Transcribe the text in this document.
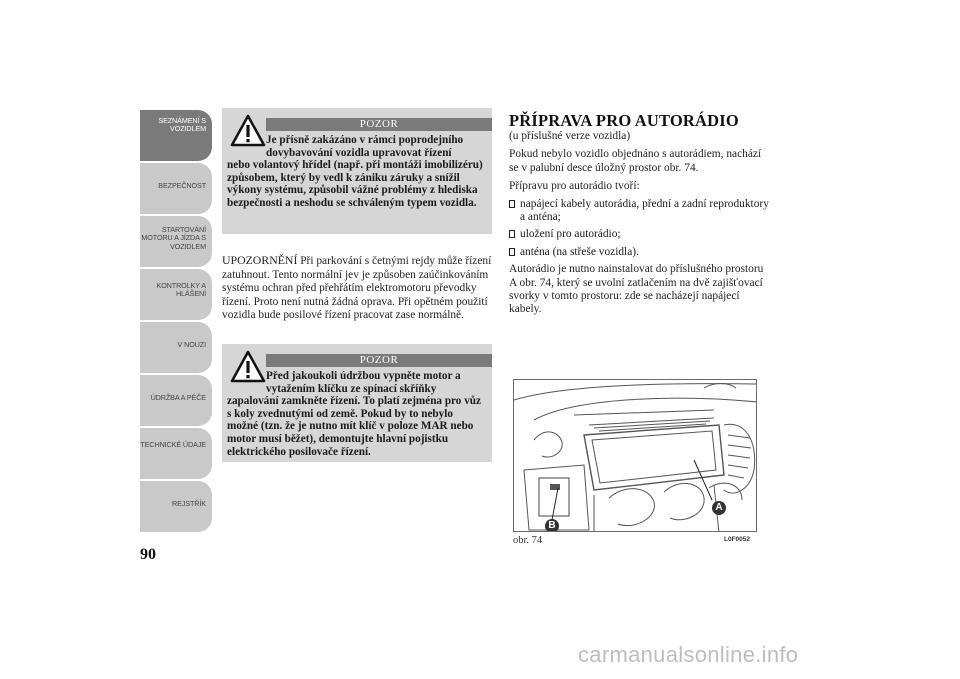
SEZNÁMENÍ S VOZIDLEM
BEZPEČNOST
STARTOVÁNÍ MOTORU A JÍZDA S VOZIDLEM
KONTROLKY A HLÁŠENÍ
V NOUZI
ÚDRŽBA A PÉČE
TECHNICKÉ ÚDAJE
REJSTŘÍK
90
POZOR
Je přísně zakázáno v rámci poprodejního
dovybavování vozidla upravovat řízení
nebo volantový hřídel (např. při montáži imobilizéru) způsobem, který by vedl k zániku záruky a snížil výkony systému, způsobil vážné problémy z hlediska bezpečnosti a neshodu se schváleným typem vozidla.
UPOZORNĚNÍ Při parkování s četnými rejdy může řízení zatuhnout. Tento normální jev je způsoben zaúčinkováním systému ochran před přehřátím elektromotoru převodky řízení. Proto není nutná žádná oprava. Při opětném použití vozidla bude posilové řízení pracovat zase normálně.
POZOR
Před jakoukoli údržbou vypněte motor a
vytažením klíčku ze spínací skříňky
zapalování zamkněte řízení. To platí zejména pro vůz s koly zvednutými od země. Pokud by to nebylo možné (tzn. že je nutno mít klíč v poloze MAR nebo motor musí běžet), demontujte hlavní pojistku elektrického posilovače řízení.
PŘÍPRAVA PRO AUTORÁDIO

(u příslušné verze vozidla)

Pokud nebylo vozidlo objednáno s autorádiem, nachází se v palubní desce úložný prostor obr. 74.

Přípravu pro autorádio tvoří:

napájecí kabely autorádia, přední a zadní reproduktory a anténa;
uložení pro autorádio;
anténa (na střeše vozidla).

Autorádio je nutno nainstalovat do příslušného prostoru A obr. 74, který se uvolní zatlačením na dvě zajišťovací svorky v tomto prostoru: zde se nacházejí napájecí kabely.

A
B
obr. 74	L0F0052
carmanualsonline.info
